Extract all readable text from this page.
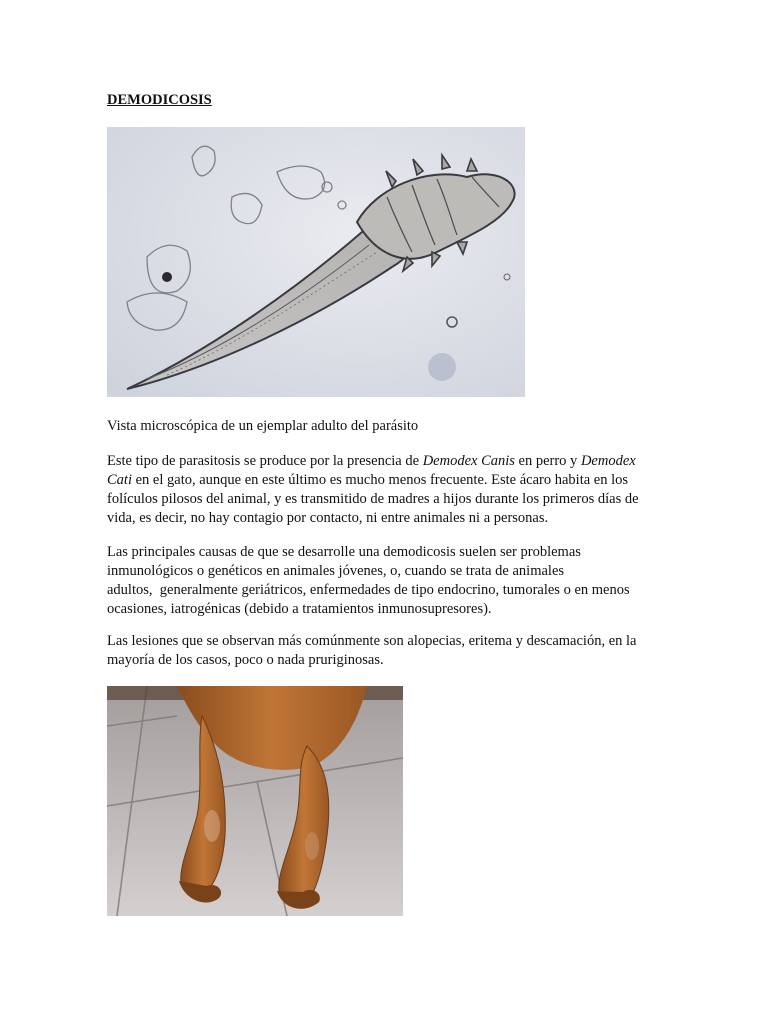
DEMODICOSIS

Vista microscópica de un ejemplar adulto del parásito

Este tipo de parasitosis se produce por la presencia de Demodex Canis en perro y Demodex
Cati en el gato, aunque en este último es mucho menos frecuente. Este ácaro habita en los
folículos pilosos del animal, y es transmitido de madres a hijos durante los primeros días de
vida, es decir, no hay contagio por contacto, ni entre animales ni a personas.

Las principales causas de que se desarrolle una demodicosis suelen ser problemas
inmunológicos o genéticos en animales jóvenes, o, cuando se trata de animales
adultos,  generalmente geriátricos, enfermedades de tipo endocrino, tumorales o en menos
ocasiones, iatrogénicas (debido a tratamientos inmunosupresores).

Las lesiones que se observan más comúnmente son alopecias, eritema y descamación, en la
mayoría de los casos, poco o nada pruriginosas.
